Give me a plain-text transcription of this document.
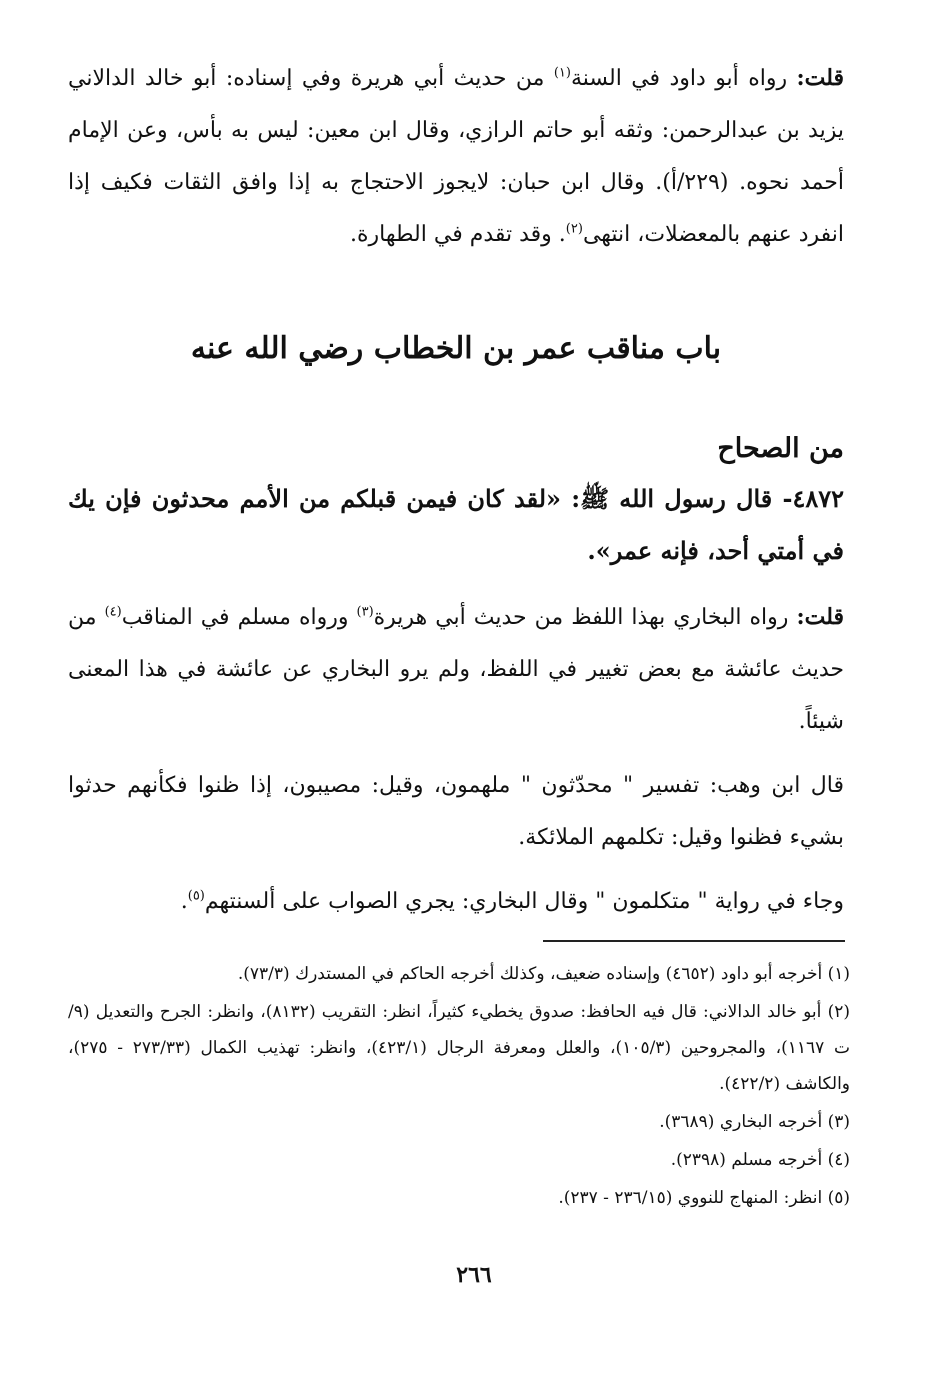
قلت: رواه أبو داود في السنة$^{(١)}$ من حديث أبي هريرة وفي إسناده: أبو خالد الدالاني يزيد بن عبدالرحمن: وثقه أبو حاتم الرازي، وقال ابن معين: ليس به بأس، وعن الإمام أحمد نحوه. (٢٢٩/أ). وقال ابن حبان: لايجوز الاحتجاج به إذا وافق الثقات فكيف إذا انفرد عنهم بالمعضلات، انتهى$^{(٢)}$. وقد تقدم في الطهارة.

باب مناقب عمر بن الخطاب رضي الله عنه
من الصحاح

٤٨٧٢- قال رسول الله ﷺ: «لقد كان فيمن قبلكم من الأمم محدثون فإن يك في أمتي أحد، فإنه عمر».

قلت: رواه البخاري بهذا اللفظ من حديث أبي هريرة$^{(٣)}$ ورواه مسلم في المناقب$^{(٤)}$ من حديث عائشة مع بعض تغيير في اللفظ، ولم يرو البخاري عن عائشة في هذا المعنى شيئاً.

قال ابن وهب: تفسير " محدّثون " ملهمون، وقيل: مصيبون، إذا ظنوا فكأنهم حدثوا بشيء فظنوا وقيل: تكلمهم الملائكة.

وجاء في رواية " متكلمون " وقال البخاري: يجري الصواب على ألسنتهم$^{(٥)}$.

(١) أخرجه أبو داود (٤٦٥٢) وإسناده ضعيف، وكذلك أخرجه الحاكم في المستدرك (٧٣/٣).

(٢) أبو خالد الدالاني: قال فيه الحافظ: صدوق يخطيء كثيراً، انظر: التقريب (٨١٣٢)، وانظر: الجرح والتعديل (٩/ت ١١٦٧)، والمجروحين (١٠٥/٣)، والعلل ومعرفة الرجال (٤٢٣/١)، وانظر: تهذيب الكمال (٢٧٣/٣٣ - ٢٧٥)، والكاشف (٤٢٢/٢).

(٣) أخرجه البخاري (٣٦٨٩).

(٤) أخرجه مسلم (٢٣٩٨).

(٥) انظر: المنهاج للنووي (٢٣٦/١٥ - ٢٣٧).

٢٦٦
